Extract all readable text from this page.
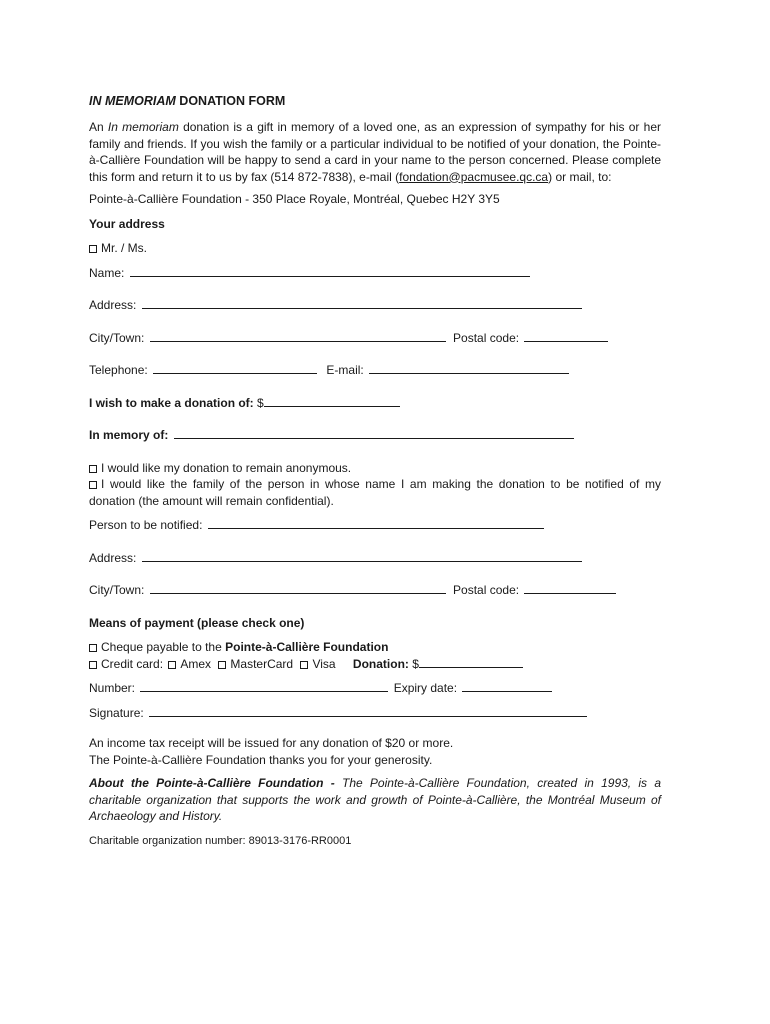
IN MEMORIAM DONATION FORM

An In memoriam donation is a gift in memory of a loved one, as an expression of sympathy for his or her family and friends. If you wish the family or a particular individual to be notified of your donation, the Pointe-à-Callière Foundation will be happy to send a card in your name to the person concerned. Please complete this form and return it to us by fax (514 872-7838), e-mail (fondation@pacmusee.qc.ca) or mail, to:

Pointe-à-Callière Foundation - 350 Place Royale, Montréal, Quebec H2Y 3Y5

Your address

Mr. / Ms.
Name:
Address:
City/Town:	Postal code:
Telephone:	E-mail:
I wish to make a donation of: $
In memory of:
I would like my donation to remain anonymous.
I would like the family of the person in whose name I am making the donation to be notified of my donation (the amount will remain confidential).
Person to be notified:
Address:
City/Town:	Postal code:

Means of payment (please check one)

Cheque payable to the Pointe-à-Callière Foundation
Credit card: Amex MasterCard Visa Donation: $
Number:	Expiry date:
Signature:

An income tax receipt will be issued for any donation of $20 or more.

The Pointe-à-Callière Foundation thanks you for your generosity.

About the Pointe-à-Callière Foundation - The Pointe-à-Callière Foundation, created in 1993, is a charitable organization that supports the work and growth of Pointe-à-Callière, the Montréal Museum of Archaeology and History.

Charitable organization number: 89013-3176-RR0001
